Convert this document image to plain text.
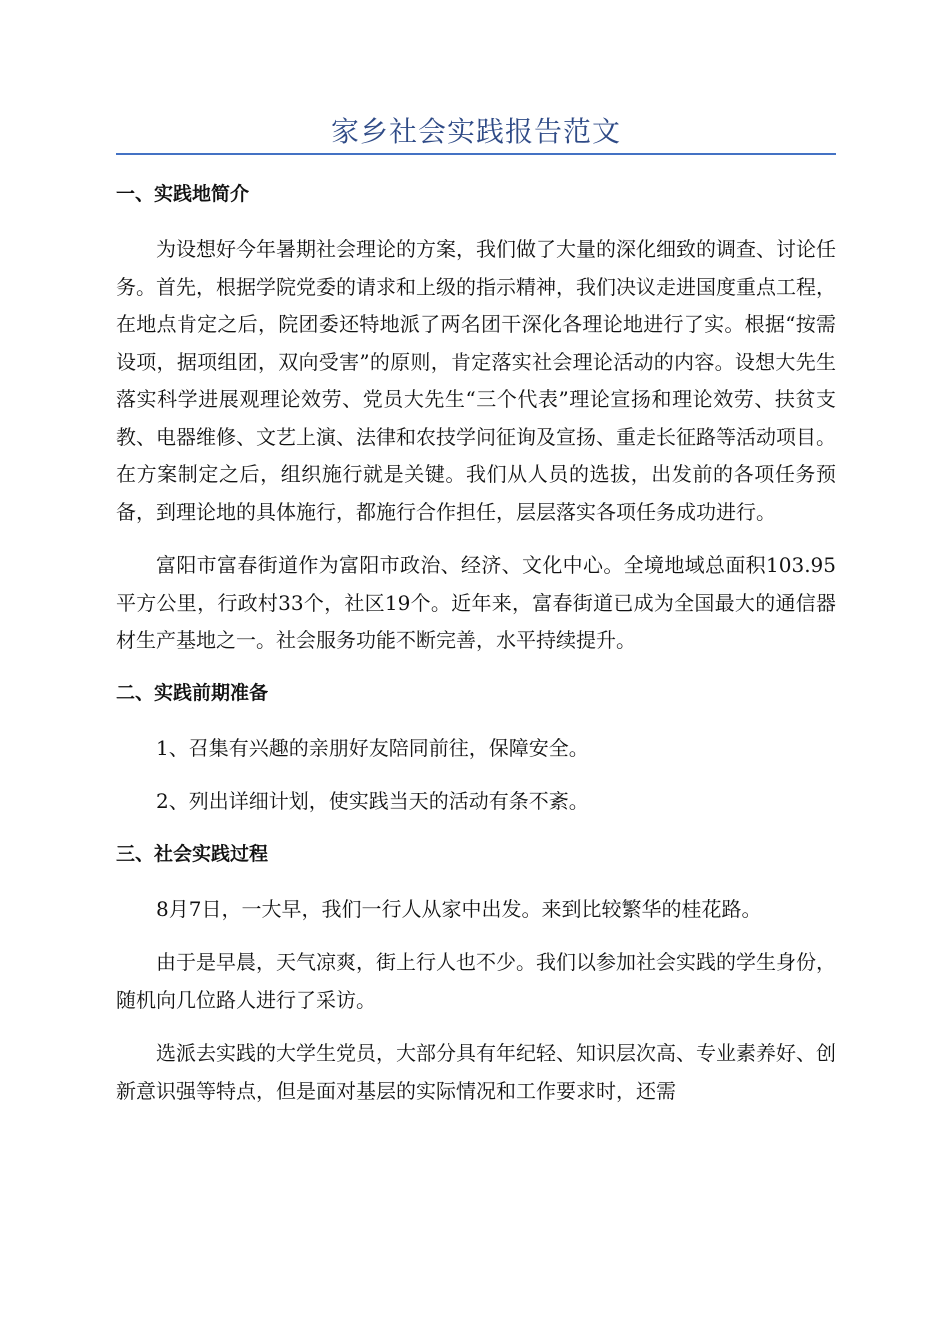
家乡社会实践报告范文
一、实践地简介

为设想好今年暑期社会理论的方案，我们做了大量的深化细致的调查、讨论任务。首先，根据学院党委的请求和上级的指示精神，我们决议走进国度重点工程，在地点肯定之后，院团委还特地派了两名团干深化各理论地进行了实。根据“按需设项，据项组团，双向受害”的原则，肯定落实社会理论活动的内容。设想大先生落实科学进展观理论效劳、党员大先生“三个代表”理论宣扬和理论效劳、扶贫支教、电器维修、文艺上演、法律和农技学问征询及宣扬、重走长征路等活动项目。在方案制定之后，组织施行就是关键。我们从人员的选拔，出发前的各项任务预备，到理论地的具体施行，都施行合作担任，层层落实各项任务成功进行。

富阳市富春街道作为富阳市政治、经济、文化中心。全境地域总面积103.95平方公里，行政村33个，社区19个。近年来，富春街道已成为全国最大的通信器材生产基地之一。社会服务功能不断完善，水平持续提升。

二、实践前期准备

1、召集有兴趣的亲朋好友陪同前往，保障安全。

2、列出详细计划，使实践当天的活动有条不紊。

三、社会实践过程

8月7日，一大早，我们一行人从家中出发。来到比较繁华的桂花路。

由于是早晨，天气凉爽，街上行人也不少。我们以参加社会实践的学生身份，随机向几位路人进行了采访。

选派去实践的大学生党员，大部分具有年纪轻、知识层次高、专业素养好、创新意识强等特点，但是面对基层的实际情况和工作要求时，还需
